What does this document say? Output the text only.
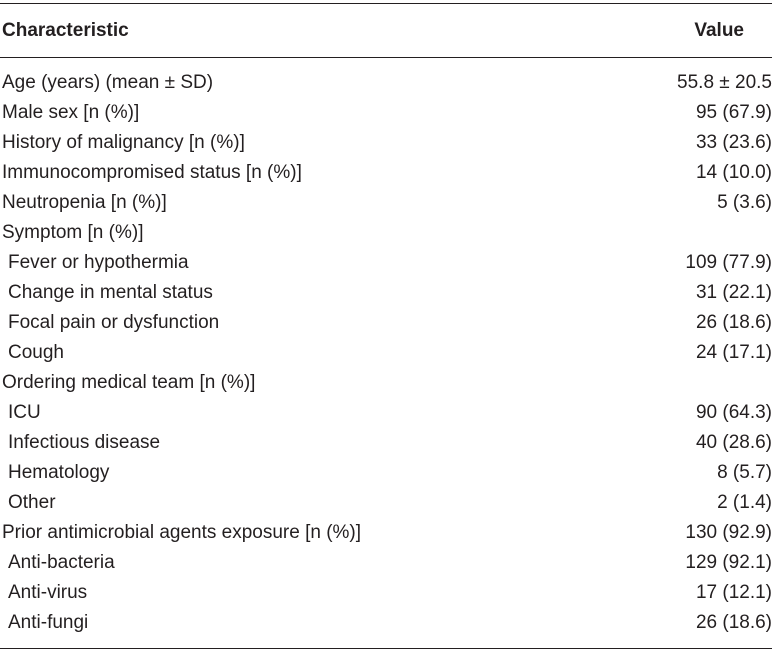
Characteristic	Value
Age (years) (mean ± SD)	55.8 ± 20.5
Male sex [n (%)]	95 (67.9)
History of malignancy [n (%)]	33 (23.6)
Immunocompromised status [n (%)]	14 (10.0)
Neutropenia [n (%)]	5 (3.6)
Symptom [n (%)]
Fever or hypothermia	109 (77.9)
Change in mental status	31 (22.1)
Focal pain or dysfunction	26 (18.6)
Cough	24 (17.1)
Ordering medical team [n (%)]
ICU	90 (64.3)
Infectious disease	40 (28.6)
Hematology	8 (5.7)
Other	2 (1.4)
Prior antimicrobial agents exposure [n (%)]	130 (92.9)
Anti-bacteria	129 (92.1)
Anti-virus	17 (12.1)
Anti-fungi	26 (18.6)
